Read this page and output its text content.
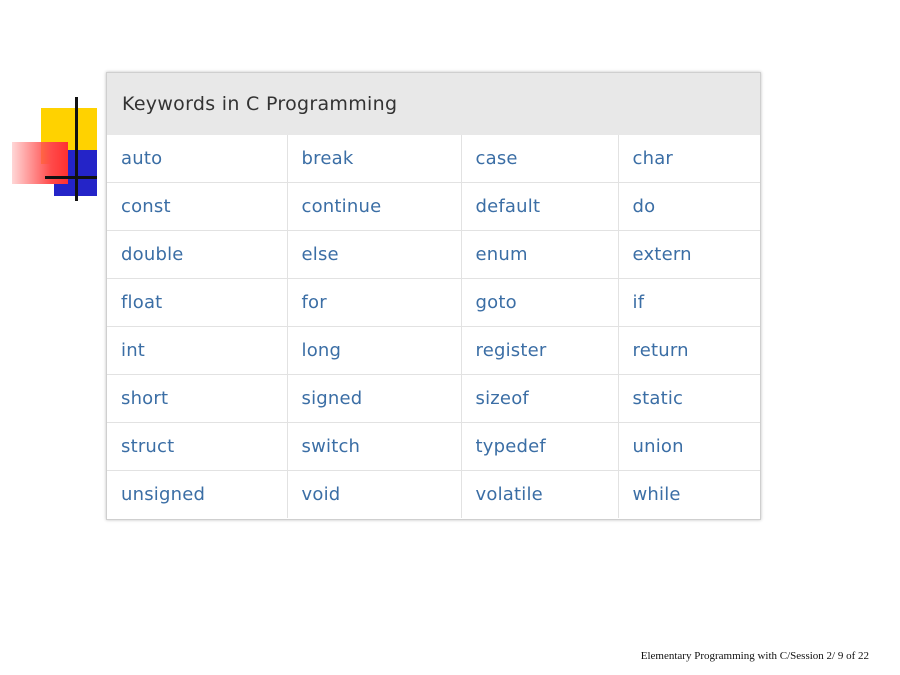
Keywords in C Programming
auto	break	case	char
const	continue	default	do
double	else	enum	extern
float	for	goto	if
int	long	register	return
short	signed	sizeof	static
struct	switch	typedef	union
unsigned	void	volatile	while
Elementary Programming with C/Session 2/ 9 of 22
